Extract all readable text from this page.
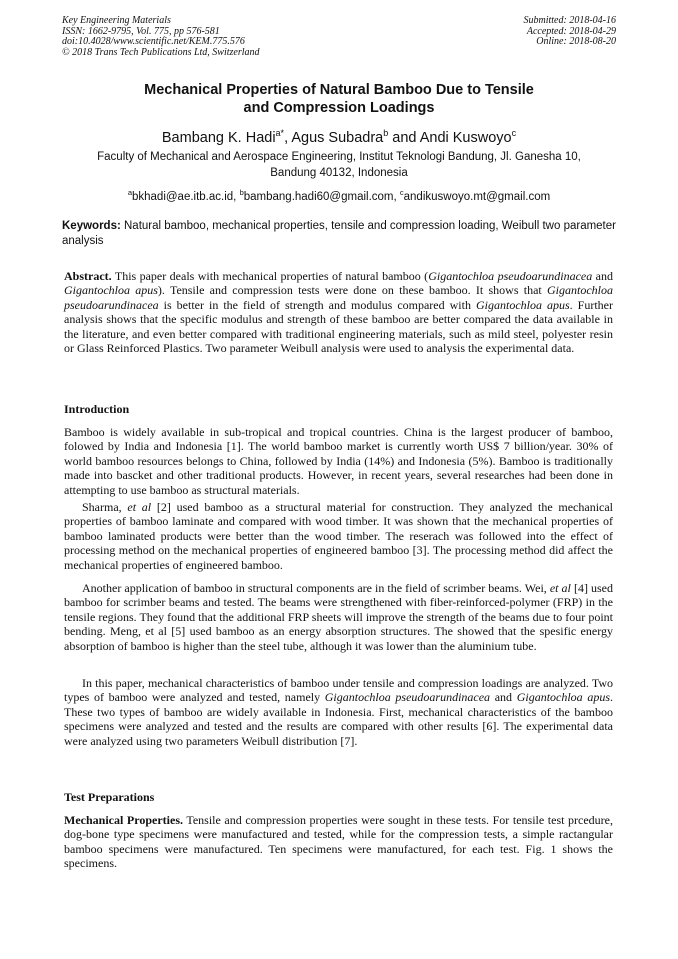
Key Engineering Materials
ISSN: 1662-9795, Vol. 775, pp 576-581
doi:10.4028/www.scientific.net/KEM.775.576
© 2018 Trans Tech Publications Ltd, Switzerland
Submitted: 2018-04-16
Accepted: 2018-04-29
Online: 2018-08-20
Mechanical Properties of Natural Bamboo Due to Tensile
and Compression Loadings
Bambang K. Hadi$^{a*}$, Agus Subadra$^b$ and Andi Kuswoyo$^c$
Faculty of Mechanical and Aerospace Engineering, Institut Teknologi Bandung, Jl. Ganesha 10,
Bandung 40132, Indonesia
$^a$bkhadi@ae.itb.ac.id, $^b$bambang.hadi60@gmail.com, $^c$andikuswoyo.mt@gmail.com
Keywords: Natural bamboo, mechanical properties, tensile and compression loading, Weibull two parameter analysis

Abstract. This paper deals with mechanical properties of natural bamboo (Gigantochloa pseudoarundinacea and Gigantochloa apus). Tensile and compression tests were done on these bamboo. It shows that Gigantochloa pseudoarundinacea is better in the field of strength and modulus compared with Gigantochloa apus. Further analysis shows that the specific modulus and strength of these bamboo are better compared the data available in the literature, and even better compared with traditional engineering materials, such as mild steel, polyester resin or Glass Reinforced Plastics. Two parameter Weibull analysis were used to analysis the experimental data.

Introduction

Bamboo is widely available in sub-tropical and tropical countries. China is the largest producer of bamboo, folowed by India and Indonesia [1]. The world bamboo market is currently worth US$ 7 billion/year. 30% of world bamboo resources belongs to China, followed by India (14%) and Indonesia (5%). Bamboo is traditionally made into bascket and other traditional products. However, in recent years, several researches had been done in attempting to use bamboo as structural materials.

Sharma, et al [2] used bamboo as a structural material for construction. They analyzed the mechanical properties of bamboo laminate and compared with wood timber. It was shown that the mechanical properties of bamboo laminated products were better than the wood timber. The reserach was followed into the effect of processing method on the mechanical properties of engineered bamboo [3]. The processing method did affect the mechanical properties of engineered bamboo.

Another application of bamboo in structural components are in the field of scrimber beams. Wei, et al [4] used bamboo for scrimber beams and tested. The beams were strengthened with fiber-reinforced-polymer (FRP) in the tensile regions. They found that the additional FRP sheets will improve the strength of the beams due to four point bending. Meng, et al [5] used bamboo as an energy absorption structures. The showed that the spesific energy absorption of bamboo is higher than the steel tube, although it was lower than the aluminium tube.

In this paper, mechanical characteristics of bamboo under tensile and compression loadings are analyzed. Two types of bamboo were analyzed and tested, namely Gigantochloa pseudoarundinacea and Gigantochloa apus. These two types of bamboo are widely available in Indonesia. First, mechanical characteristics of the bamboo specimens were analyzed and tested and the results are compared with other results [6]. The experimental data were analyzed using two parameters Weibull distribution [7].

Test Preparations

Mechanical Properties. Tensile and compression properties were sought in these tests. For tensile test prcedure, dog-bone type specimens were manufactured and tested, while for the compression tests, a simple ractangular bamboo specimens were manufactured. Ten specimens were manufactured, for each test. Fig. 1 shows the specimens.
